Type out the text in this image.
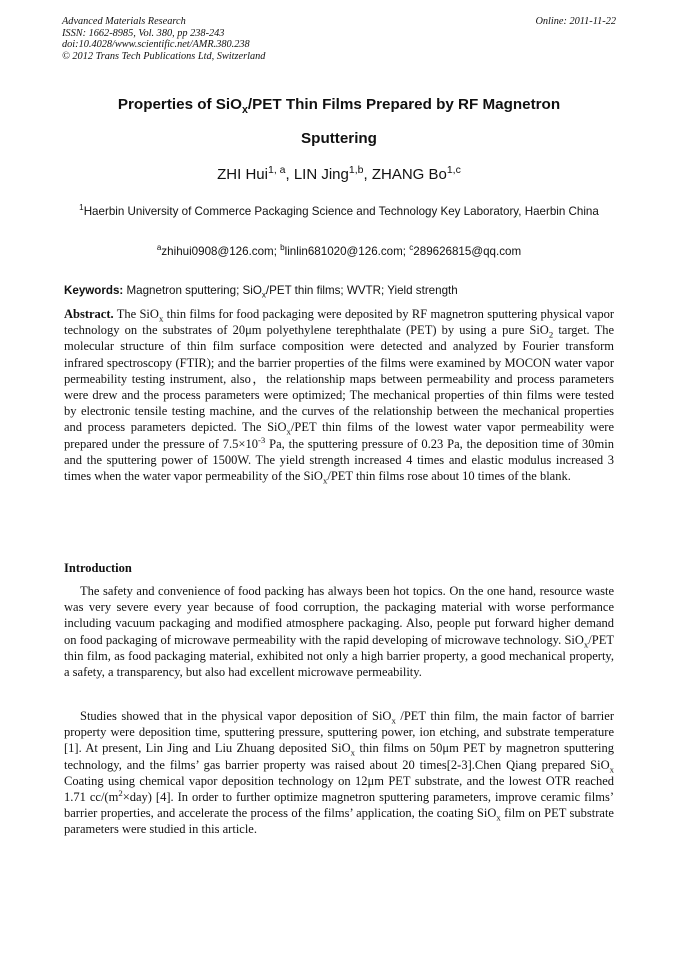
Advanced Materials Research
ISSN: 1662-8985, Vol. 380, pp 238-243
doi:10.4028/www.scientific.net/AMR.380.238
© 2012 Trans Tech Publications Ltd, Switzerland
Online: 2011-11-22
Properties of SiO$_x$/PET Thin Films Prepared by RF Magnetron
Sputtering
ZHI Hui$^{1, a}$, LIN Jing$^{1,b}$, ZHANG Bo$^{1,c}$
$^1$Haerbin University of Commerce Packaging Science and Technology Key Laboratory, Haerbin China
$^a$zhihui0908@126.com; $^b$linlin681020@126.com; $^c$289626815@qq.com
Keywords: Magnetron sputtering; SiO$_x$/PET thin films; WVTR; Yield strength
Abstract. The SiO$_x$ thin films for food packaging were deposited by RF magnetron sputtering physical vapor technology on the substrates of 20μm polyethylene terephthalate (PET) by using a pure SiO$_2$ target. The molecular structure of thin film surface composition were detected and analyzed by Fourier transform infrared spectroscopy (FTIR); and the barrier properties of the films were examined by MOCON water vapor permeability testing instrument, also，the relationship maps between permeability and process parameters were drew and the process parameters were optimized; The mechanical properties of thin films were tested by electronic tensile testing machine, and the curves of the relationship between the mechanical properties and process parameters depicted. The SiO$_x$/PET thin films of the lowest water vapor permeability were prepared under the pressure of $7.5\times 10^{-3}$ Pa, the sputtering pressure of 0.23 Pa, the deposition time of 30min and the sputtering power of 1500W. The yield strength increased 4 times and elastic modulus increased 3 times when the water vapor permeability of the SiO$_x$/PET thin films rose about 10 times of the blank.
Introduction
The safety and convenience of food packing has always been hot topics. On the one hand, resource waste was very severe every year because of food corruption, the packaging material with worse performance including vacuum packaging and modified atmosphere packaging. Also, people put forward higher demand on food packaging of microwave permeability with the rapid developing of microwave technology. SiO$_x$/PET thin film, as food packaging material, exhibited not only a high barrier property, a good mechanical property, a safety, a transparency, but also had excellent microwave permeability.
Studies showed that in the physical vapor deposition of SiO$_x$ /PET thin film, the main factor of barrier property were deposition time, sputtering pressure, sputtering power, ion etching, and substrate temperature [1]. At present, Lin Jing and Liu Zhuang deposited SiO$_x$ thin films on 50μm PET by magnetron sputtering technology, and the films’ gas barrier property was raised about 20 times[2-3].Chen Qiang prepared SiO$_x$ Coating using chemical vapor deposition technology on 12μm PET substrate, and the lowest OTR reached 1.71 $cc/(m^2\times day)$ [4]. In order to further optimize magnetron sputtering parameters, improve ceramic films’ barrier properties, and accelerate the process of the films’ application, the coating SiO$_x$ film on PET substrate parameters were studied in this article.
